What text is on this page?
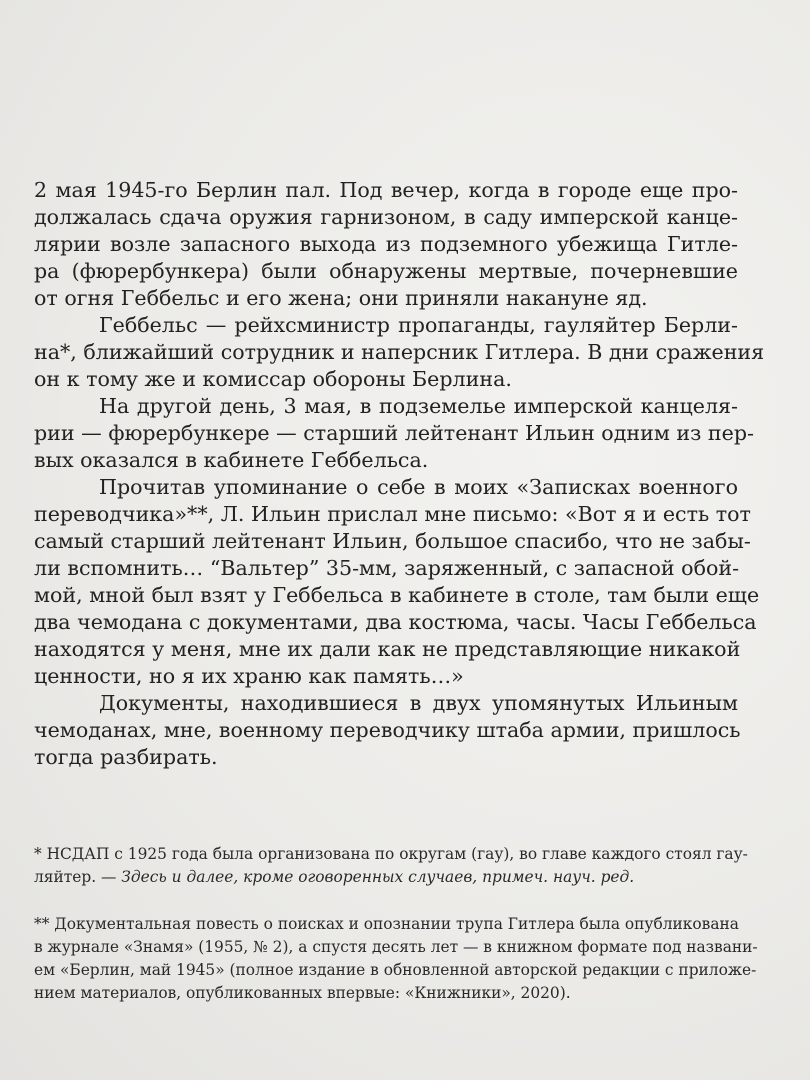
2 мая 1945-го Берлин пал. Под вечер, когда в городе еще про-
должалась сдача оружия гарнизоном, в саду имперской канце-
лярии возле запасного выхода из подземного убежища Гитле-
ра (фюрербункера) были обнаружены мертвые, почерневшие
от огня Геббельс и его жена; они приняли накануне яд.

Геббельс — рейхсминистр пропаганды, гауляйтер Берли-
на*, ближайший сотрудник и наперсник Гитлера. В дни сражения
он к тому же и комиссар обороны Берлина.

На другой день, 3 мая, в подземелье имперской канцеля-
рии — фюрербункере — старший лейтенант Ильин одним из пер-
вых оказался в кабинете Геббельса.

Прочитав упоминание о себе в моих «Записках военного
переводчика»**, Л. Ильин прислал мне письмо: «Вот я и есть тот
самый старший лейтенант Ильин, большое спасибо, что не забы-
ли вспомнить… “Вальтер” 35-мм, заряженный, с запасной обой-
мой, мной был взят у Геббельса в кабинете в столе, там были еще
два чемодана с документами, два костюма, часы. Часы Геббельса
находятся у меня, мне их дали как не представляющие никакой
ценности, но я их храню как память…»

Документы, находившиеся в двух упомянутых Ильиным
чемоданах, мне, военному переводчику штаба армии, пришлось
тогда разбирать.

* НСДАП с 1925 года была организована по округам (гау), во главе каждого стоял гау-
ляйтер. — Здесь и далее, кроме оговоренных случаев, примеч. науч. ред.
** Документальная повесть о поисках и опознании трупа Гитлера была опубликована
в журнале «Знамя» (1955, № 2), а спустя десять лет — в книжном формате под названи-
ем «Берлин, май 1945» (полное издание в обновленной авторской редакции с приложе-
нием материалов, опубликованных впервые: «Книжники», 2020).
